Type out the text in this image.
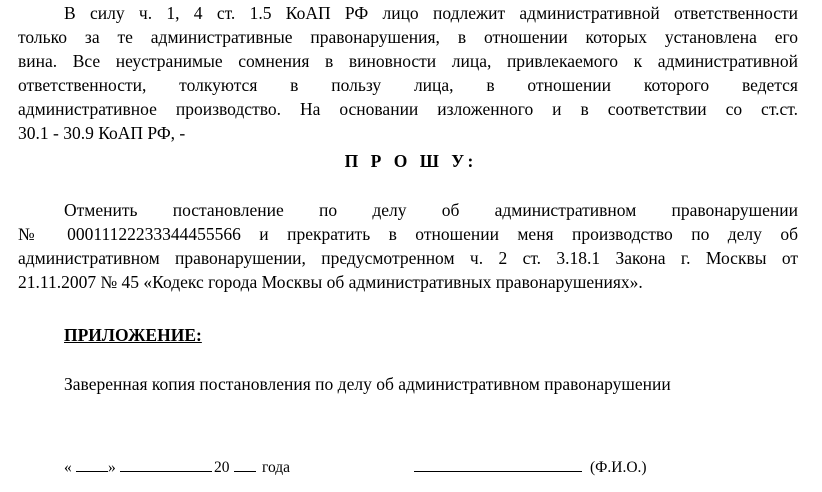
В силу ч. 1, 4 ст. 1.5 КоАП РФ лицо подлежит административной ответственности
только за те административные правонарушения, в отношении которых установлена его
вина. Все неустранимые сомнения в виновности лица, привлекаемого к административной
ответственности, толкуются в пользу лица, в отношении которого ведется
административное производство. На основании изложенного и в соответствии со ст.ст.
30.1 - 30.9 КоАП РФ, -

П Р О Ш У:

Отменить постановление по делу об административном правонарушении
№ 00011122233344455566 и прекратить в отношении меня производство по делу об
административном правонарушении, предусмотренном ч. 2 ст. 3.18.1 Закона г. Москвы от
21.11.2007 № 45 «Кодекс города Москвы об административных правонарушениях».

ПРИЛОЖЕНИЕ:

Заверенная копия постановления по делу об административном правонарушении

« »	20 года	(Ф.И.О.)
